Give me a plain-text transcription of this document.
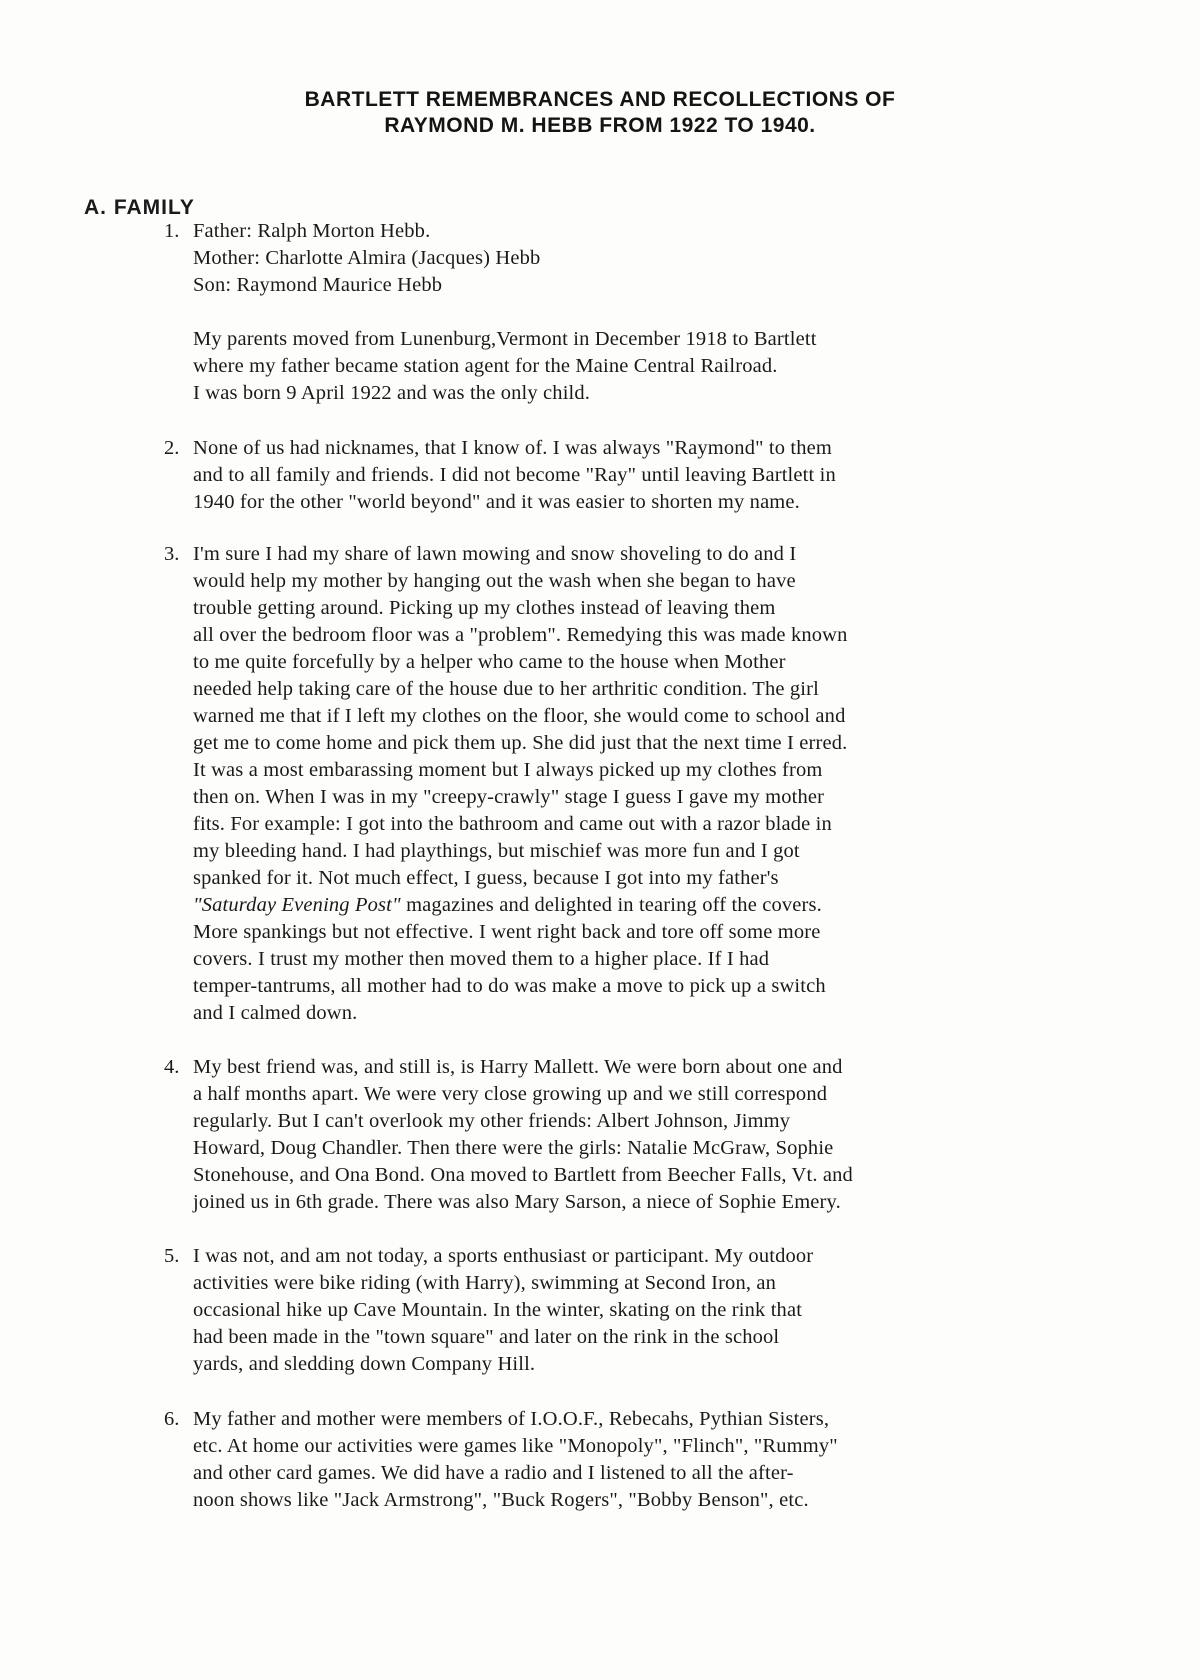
BARTLETT REMEMBRANCES AND RECOLLECTIONS OF
RAYMOND M. HEBB FROM 1922 TO 1940.
A. FAMILY
1. Father: Ralph Morton Hebb.
Mother: Charlotte Almira (Jacques) Hebb
Son: Raymond Maurice Hebb
My parents moved from Lunenburg,Vermont in December 1918 to Bartlett
where my father became station agent for the Maine Central Railroad.
I was born 9 April 1922 and was the only child.
2. None of us had nicknames, that I know of. I was always "Raymond" to them
and to all family and friends. I did not become "Ray" until leaving Bartlett in
1940 for the other "world beyond" and it was easier to shorten my name.
3. I'm sure I had my share of lawn mowing and snow shoveling to do and I
would help my mother by hanging out the wash when she began to have
trouble getting around. Picking up my clothes instead of leaving them
all over the bedroom floor was a "problem". Remedying this was made known
to me quite forcefully by a helper who came to the house when Mother
needed help taking care of the house due to her arthritic condition. The girl
warned me that if I left my clothes on the floor, she would come to school and
get me to come home and pick them up. She did just that the next time I erred.
It was a most embarassing moment but I always picked up my clothes from
then on. When I was in my "creepy-crawly" stage I guess I gave my mother
fits. For example: I got into the bathroom and came out with a razor blade in
my bleeding hand. I had playthings, but mischief was more fun and I got
spanked for it. Not much effect, I guess, because I got into my father's
"Saturday Evening Post" magazines and delighted in tearing off the covers.
More spankings but not effective. I went right back and tore off some more
covers. I trust my mother then moved them to a higher place. If I had
temper-tantrums, all mother had to do was make a move to pick up a switch
and I calmed down.
4. My best friend was, and still is, is Harry Mallett. We were born about one and
a half months apart. We were very close growing up and we still correspond
regularly. But I can't overlook my other friends: Albert Johnson, Jimmy
Howard, Doug Chandler. Then there were the girls: Natalie McGraw, Sophie
Stonehouse, and Ona Bond. Ona moved to Bartlett from Beecher Falls, Vt. and
joined us in 6th grade. There was also Mary Sarson, a niece of Sophie Emery.
5. I was not, and am not today, a sports enthusiast or participant. My outdoor
activities were bike riding (with Harry), swimming at Second Iron, an
occasional hike up Cave Mountain. In the winter, skating on the rink that
had been made in the "town square" and later on the rink in the school
yards, and sledding down Company Hill.
6. My father and mother were members of I.O.O.F., Rebecahs, Pythian Sisters,
etc. At home our activities were games like "Monopoly", "Flinch", "Rummy"
and other card games. We did have a radio and I listened to all the after-
noon shows like "Jack Armstrong", "Buck Rogers", "Bobby Benson", etc.
